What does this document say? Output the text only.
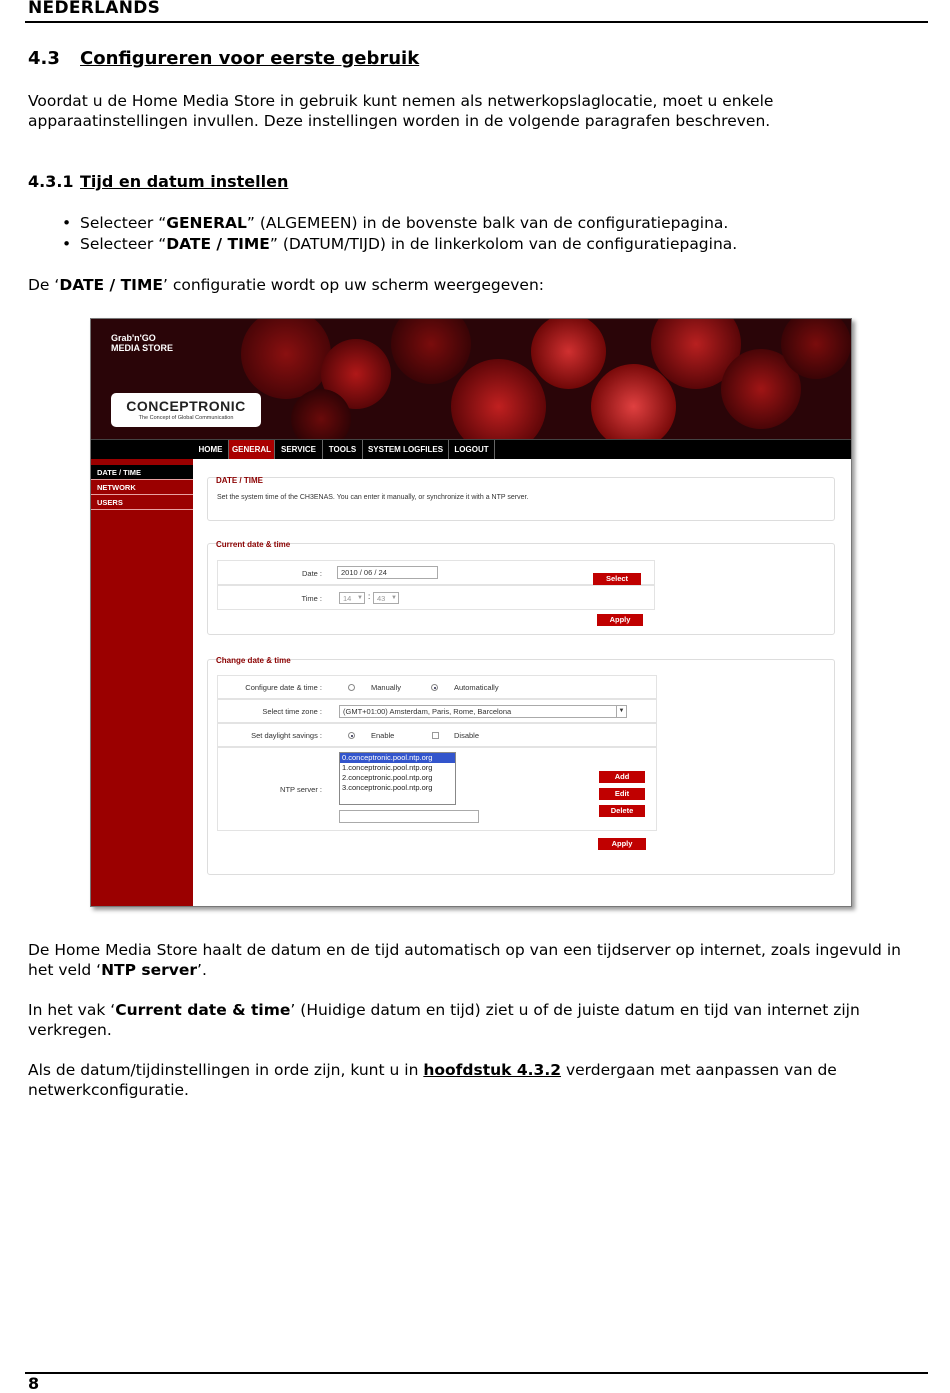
NEDERLANDS
4.3 Configureren voor eerste gebruik
Voordat u de Home Media Store in gebruik kunt nemen als netwerkopslaglocatie, moet u enkele apparaatinstellingen invullen. Deze instellingen worden in de volgende paragrafen beschreven.
4.3.1 Tijd en datum instellen
• Selecteer “GENERAL” (ALGEMEEN) in de bovenste balk van de configuratiepagina.
• Selecteer “DATE / TIME” (DATUM/TIJD) in de linkerkolom van de configuratiepagina.
De ‘DATE / TIME’ configuratie wordt op uw scherm weergegeven:
Grab'n'GO
MEDIA STORE
CONCEPTRONIC
The Concept of Global Communication
HOME	GENERAL	SERVICE	TOOLS	SYSTEM LOGFILES	LOGOUT
DATE / TIME
NETWORK
USERS
DATE / TIME
Set the system time of the CH3ENAS. You can enter it manually, or synchronize it with a NTP server.
Current date & time
Date :	2010 / 06 / 24
Select
Time :	14 ▼ : 43 ▼
Apply
Change date & time
Configure date & time :	Manually	Automatically
Select time zone :	(GMT+01:00) Amsterdam, Paris, Rome, Barcelona	▼
Set daylight savings :	Enable	Disable
NTP server :
0.conceptronic.pool.ntp.org
1.conceptronic.pool.ntp.org
2.conceptronic.pool.ntp.org
3.conceptronic.pool.ntp.org
Add
Edit
Delete
Apply
De Home Media Store haalt de datum en de tijd automatisch op van een tijdserver op internet, zoals ingevuld in het veld ‘NTP server’.
In het vak ‘Current date & time’ (Huidige datum en tijd) ziet u of de juiste datum en tijd van internet zijn verkregen.
Als de datum/tijdinstellingen in orde zijn, kunt u in hoofdstuk 4.3.2 verdergaan met aanpassen van de netwerkconfiguratie.
8
